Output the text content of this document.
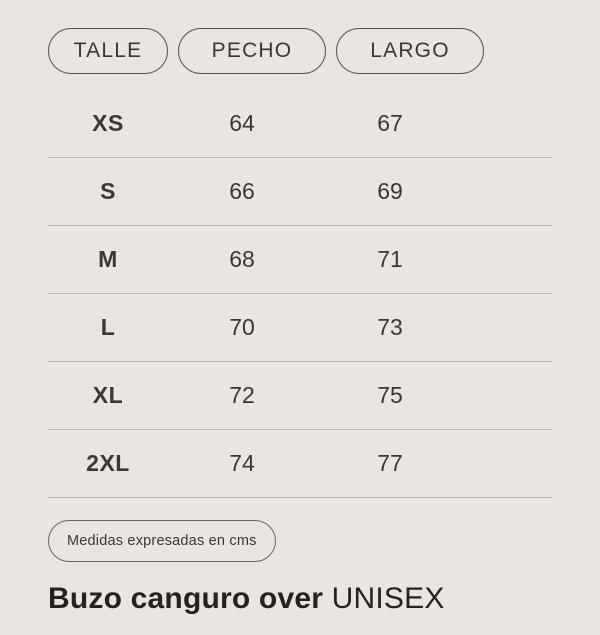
TALLE	PECHO	LARGO
XS	64	67
S	66	69
M	68	71
L	70	73
XL	72	75
2XL	74	77
Medidas expresadas en cms
Buzo canguro over UNISEX
